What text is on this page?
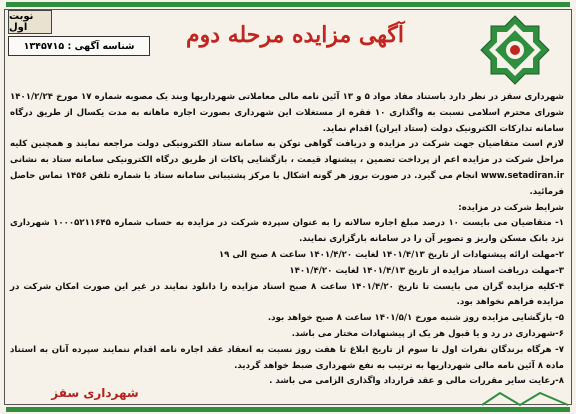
نوبت اول
شناسه آگهی : ۱۳۴۵۷۱۵	آگهی مزایده مرحله دوم

شهرداری سقز در نظر دارد باستناد مفاد مواد ۵ و ۱۳ آئین نامه مالی معاملاتی شهرداریها وبند یک مصوبه شماره ۱۷ مورخ ۱۴۰۱/۲/۲۴ شورای محترم اسلامی نسبت به واگذاری ۱۰ فقره از مستغلات این شهرداری بصورت اجاره ماهانه به مدت یکسال از طریق درگاه سامانه تدارکات الکترونیک دولت (ستاد ایران) اقدام نماید.

لازم است متقاضیان جهت شرکت در مزایده و دریافت گواهی توکن به سامانه ستاد الکترونیکی دولت مراجعه نمایند و همچنین کلیه مراحل شرکت در مزایده اعم از پرداخت تضمین ، پیشنهاد قیمت ، بازگشایی پاکات از طریق درگاه الکترونیکی سامانه ستاد به نشانی www.setadiran.ir انجام می گیرد. در صورت بروز هر گونه اشکال با مرکز پشتیبانی سامانه ستاد با شماره تلفن ۱۴۵۶ تماس حاصل فرمائید.

شرایط شرکت در مزایده:
۱- متقاضیان می بایست ۱۰ درصد مبلغ اجاره سالانه را به عنوان سپرده شرکت در مزایده به حساب شماره ۱۰۰۰۵۲۱۱۶۴۵ شهرداری نزد بانک مسکن واریز و تصویر آن را در سامانه بارگزاری نمایند.
۲-مهلت ارائه پیشنهادات از تاریخ ۱۴۰۱/۴/۱۳ لغایت ۱۴۰۱/۴/۲۰ ساعت ۸ صبح الی ۱۹
۳-مهلت دریافت اسناد مزایده از تاریخ ۱۴۰۱/۴/۱۳ لغایت ۱۴۰۱/۴/۲۰
۴-کلیه مزایده گران می بایست تا تاریخ ۱۴۰۱/۴/۲۰ ساعت ۸ صبح اسناد مزایده را دانلود نمایند در غیر این صورت امکان شرکت در مزایده فراهم نخواهد بود.
۵- بازگشایی مزایده روز شنبه مورخ ۱۴۰۱/۵/۱ ساعت ۸ صبح خواهد بود.
۶-شهرداری در رد و یا قبول هر یک از پیشنهادات مختار می باشد.
۷- هرگاه برندگان نفرات اول تا سوم از تاریخ ابلاغ تا هفت روز نسبت به انعقاد عقد اجاره نامه اقدام ننمایند سپرده آنان به استناد ماده ۸ آئین نامه مالی شهرداریها به ترتیب به نفع شهرداری ضبط خواهد گردید.
۸-رعایت سایر مقررات مالی و عقد قرارداد واگذاری الزامی می باشد .
شهرداری سقز
